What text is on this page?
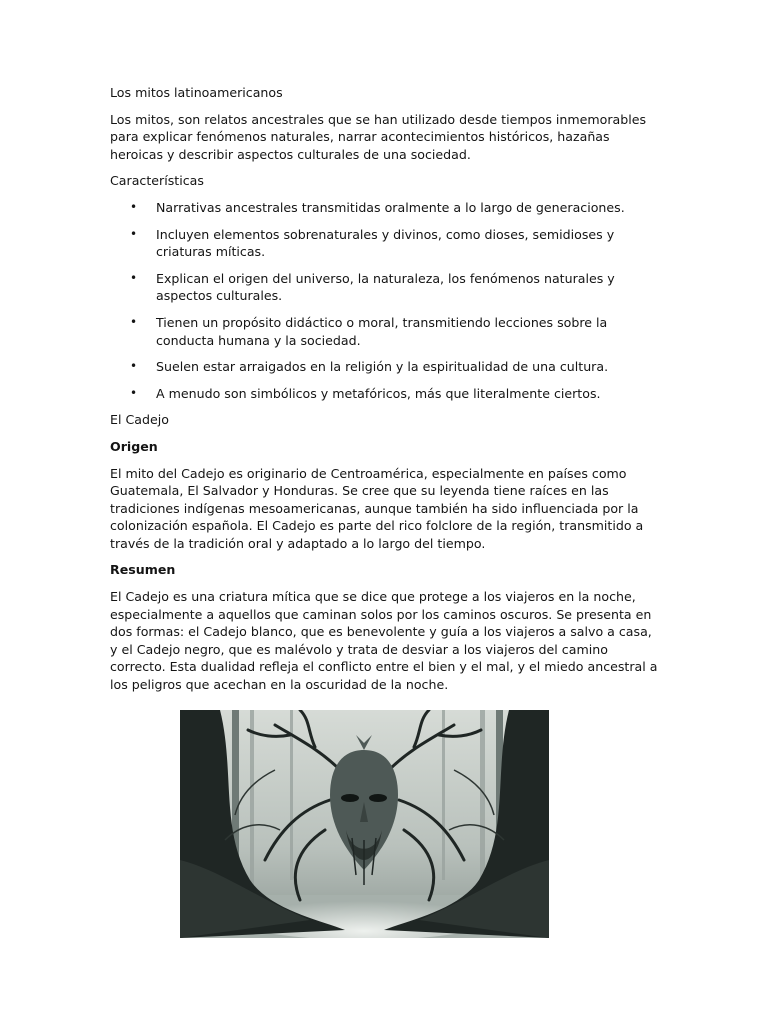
Los mitos latinoamericanos

Los mitos, son relatos ancestrales que se han utilizado desde tiempos inmemorables para explicar fenómenos naturales, narrar acontecimientos históricos, hazañas heroicas y describir aspectos culturales de una sociedad.

Características

• Narrativas ancestrales transmitidas oralmente a lo largo de generaciones.
• Incluyen elementos sobrenaturales y divinos, como dioses, semidioses y criaturas míticas.
• Explican el origen del universo, la naturaleza, los fenómenos naturales y aspectos culturales.
• Tienen un propósito didáctico o moral, transmitiendo lecciones sobre la conducta humana y la sociedad.
• Suelen estar arraigados en la religión y la espiritualidad de una cultura.
• A menudo son simbólicos y metafóricos, más que literalmente ciertos.

El Cadejo

Origen

El mito del Cadejo es originario de Centroamérica, especialmente en países como Guatemala, El Salvador y Honduras. Se cree que su leyenda tiene raíces en las tradiciones indígenas mesoamericanas, aunque también ha sido influenciada por la colonización española. El Cadejo es parte del rico folclore de la región, transmitido a través de la tradición oral y adaptado a lo largo del tiempo.

Resumen

El Cadejo es una criatura mítica que se dice que protege a los viajeros en la noche, especialmente a aquellos que caminan solos por los caminos oscuros. Se presenta en dos formas: el Cadejo blanco, que es benevolente y guía a los viajeros a salvo a casa, y el Cadejo negro, que es malévolo y trata de desviar a los viajeros del camino correcto. Esta dualidad refleja el conflicto entre el bien y el mal, y el miedo ancestral a los peligros que acechan en la oscuridad de la noche.
